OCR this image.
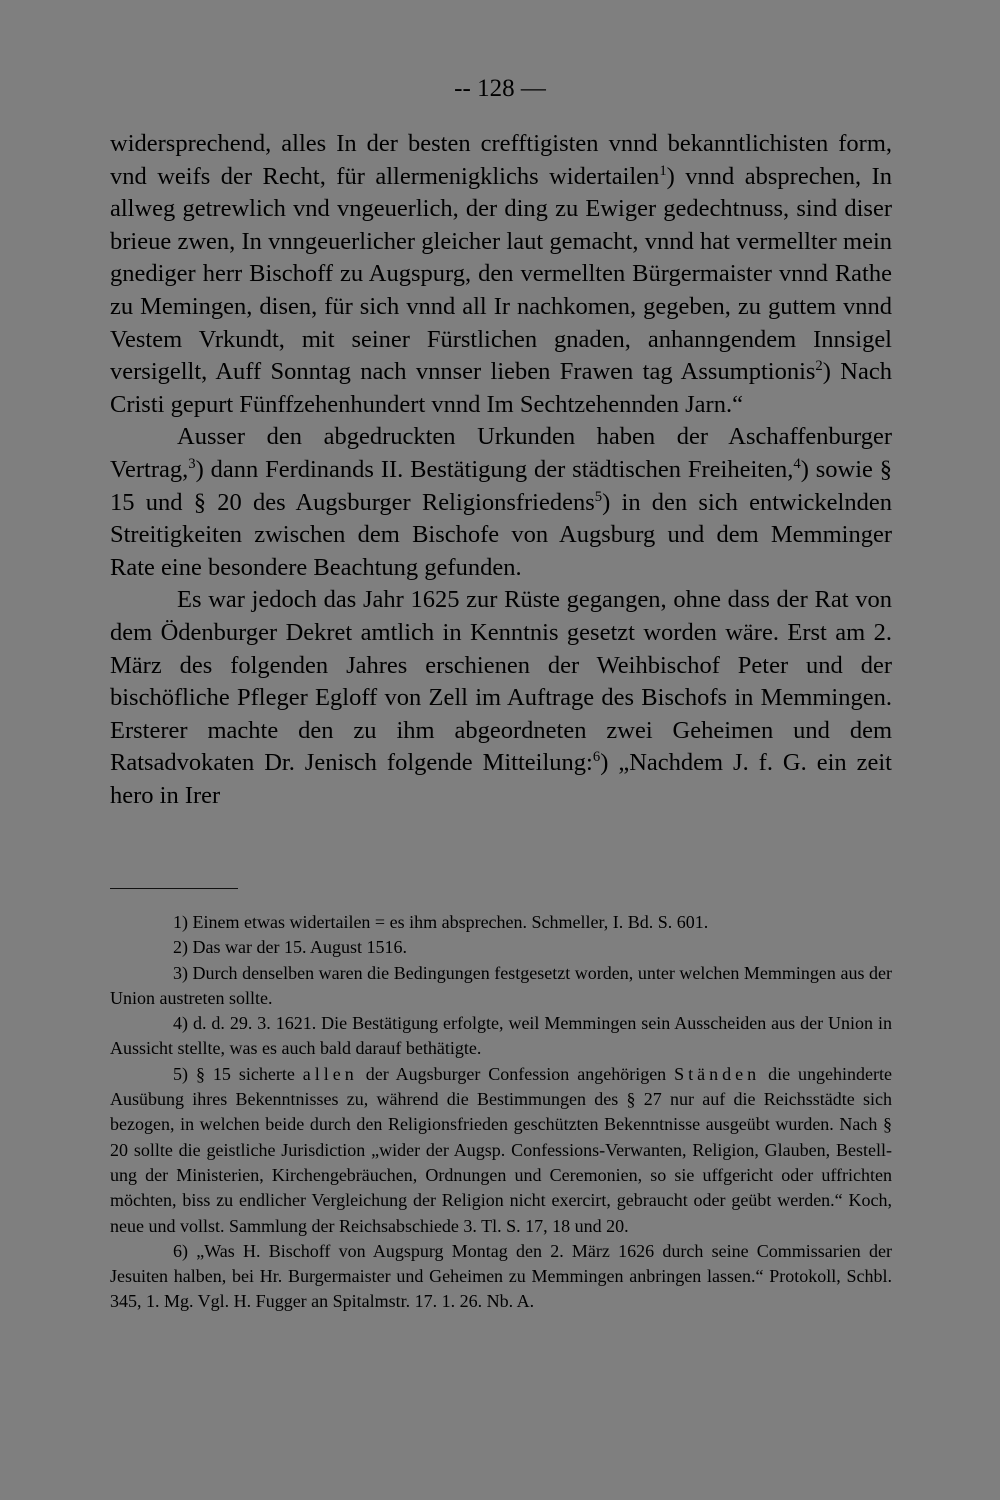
-- 128 —

widersprechend, alles In der besten crefftigisten vnnd bekanntlichisten form, vnd weifs der Recht, für allermenigklichs widertailen$^1$) vnnd absprechen, In allweg getrewlich vnd vngeuerlich, der ding zu Ewiger gedechtnuss, sind diser brieue zwen, In vnngeuerlicher gleicher laut gemacht, vnnd hat vermellter mein gnediger herr Bischoff zu Augspurg, den vermellten Bürgermaister vnnd Rathe zu Memingen, disen, für sich vnnd all Ir nachkomen, gegeben, zu guttem vnnd Vestem Vrkundt, mit seiner Fürstlichen gnaden, anhanngendem Innsigel versigellt, Auff Sonntag nach vnnser lieben Frawen tag Assumptionis$^2$) Nach Cristi gepurt Fünffzehenhundert vnnd Im Sechtzehennden Jarn.“

Ausser den abgedruckten Urkunden haben der Aschaffenburger Vertrag,$^3$) dann Ferdinands II. Bestätigung der städtischen Freiheiten,$^4$) sowie § 15 und § 20 des Augsburger Religionsfriedens$^5$) in den sich entwickelnden Streitigkeiten zwischen dem Bischofe von Augsburg und dem Memminger Rate eine besondere Beachtung gefunden.

Es war jedoch das Jahr 1625 zur Rüste gegangen, ohne dass der Rat von dem Ödenburger Dekret amtlich in Kenntnis gesetzt worden wäre. Erst am 2. März des folgenden Jahres erschienen der Weihbischof Peter und der bischöfliche Pfleger Egloff von Zell im Auftrage des Bischofs in Memmingen. Ersterer machte den zu ihm abgeordneten zwei Geheimen und dem Ratsadvokaten Dr. Jenisch folgende Mitteilung:$^6$) „Nachdem J. f. G. ein zeit hero in Irer

1) Einem etwas widertailen = es ihm absprechen. Schmeller, I. Bd. S. 601.

2) Das war der 15. August 1516.

3) Durch denselben waren die Bedingungen festgesetzt worden, unter welchen Memmingen aus der Union austreten sollte.

4) d. d. 29. 3. 1621. Die Bestätigung erfolgte, weil Memmingen sein Ausscheiden aus der Union in Aussicht stellte, was es auch bald darauf bethätigte.

5) § 15 sicherte allen der Augsburger Confession angehörigen Ständen die ungehinderte Ausübung ihres Bekenntnisses zu, während die Bestimmungen des § 27 nur auf die Reichsstädte sich bezogen, in welchen beide durch den Religionsfrieden geschützten Bekenntnisse ausgeübt wurden. Nach § 20 sollte die geistliche Jurisdiction „wider der Augsp. Confessions-Verwanten, Religion, Glauben, Bestellung der Ministerien, Kirchengebräuchen, Ordnungen und Ceremonien, so sie uffgericht oder uffrichten möchten, biss zu endlicher Vergleichung der Religion nicht exercirt, gebraucht oder geübt werden.“ Koch, neue und vollst. Sammlung der Reichsabschiede 3. Tl. S. 17, 18 und 20.

6) „Was H. Bischoff von Augspurg Montag den 2. März 1626 durch seine Commissarien der Jesuiten halben, bei Hr. Burgermaister und Geheimen zu Memmingen anbringen lassen.“ Protokoll, Schbl. 345, 1. Mg. Vgl. H. Fugger an Spitalmstr. 17. 1. 26. Nb. A.
